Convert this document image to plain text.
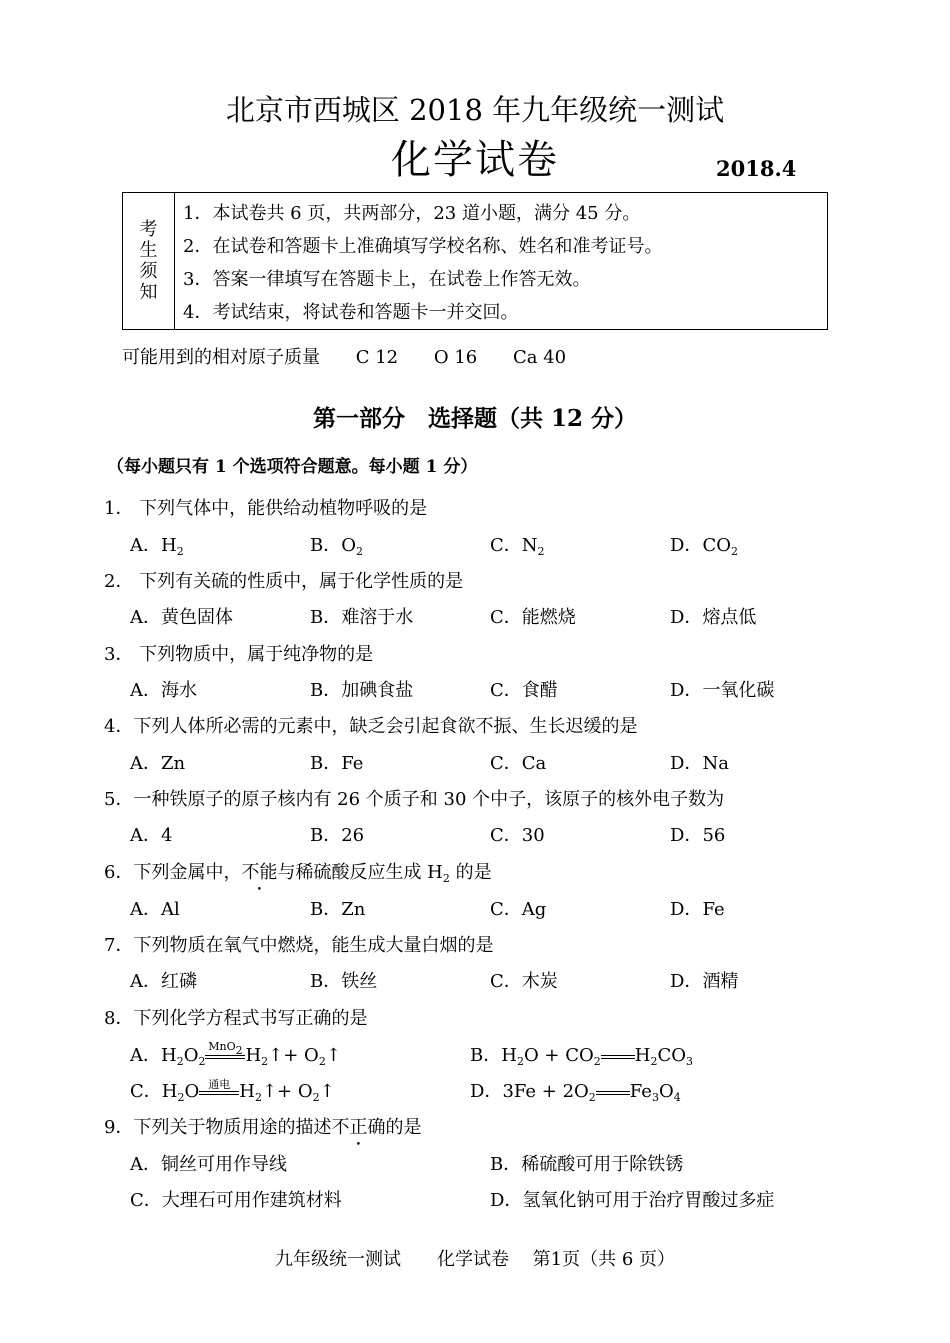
北京市西城区 2018 年九年级统一测试
化学试卷	2018.4
考
生
须
知
1．本试卷共 6 页，共两部分，23 道小题，满分 45 分。
2．在试卷和答题卡上准确填写学校名称、姓名和准考证号。
3．答案一律填写在答题卡上，在试卷上作答无效。
4．考试结束，将试卷和答题卡一并交回。
可能用到的相对原子质量 C 12 O 16 Ca 40
第一部分　选择题（共 12 分）
（每小题只有 1 个选项符合题意。每小题 1 分）
1． 下列气体中，能供给动植物呼吸的是
A．$H_2$	B．$O_2$	C．$N_2$	D．$CO_2$
2． 下列有关硫的性质中，属于化学性质的是
A．黄色固体	B．难溶于水	C．能燃烧	D．熔点低
3． 下列物质中，属于纯净物的是
A．海水	B．加碘食盐	C．食醋	D．一氧化碳
4．下列人体所必需的元素中，缺乏会引起食欲不振、生长迟缓的是
A．Zn	B．Fe	C．Ca	D．Na
5．一种铁原子的原子核内有 26 个质子和 30 个中子，该原子的核外电子数为
A．4	B．26	C．30	D．56
6．下列金属中，不能与稀硫酸反应生成 $H_2$ 的是
A．Al	B．Zn	C．Ag	D．Fe
7．下列物质在氧气中燃烧，能生成大量白烟的是
A．红磷	B．铁丝	C．木炭	D．酒精
8．下列化学方程式书写正确的是
A．$H_2O_2$
MnO$_2$ $H_2↑+$ $O_2↑$	B．$H_2O + CO_2$ $H_2CO_3$
C．$H_2O$ 通电 $H_2↑+$ $O_2↑$	D．$3Fe + 2O_2$ $Fe_3O_4$
9．下列关于物质用途的描述不正确的是
A．铜丝可用作导线	B．稀硫酸可用于除铁锈
C．大理石可用作建筑材料	D．氢氧化钠可用于治疗胃酸过多症
九年级统一测试　　化学试卷　 第1页（共 6 页）
